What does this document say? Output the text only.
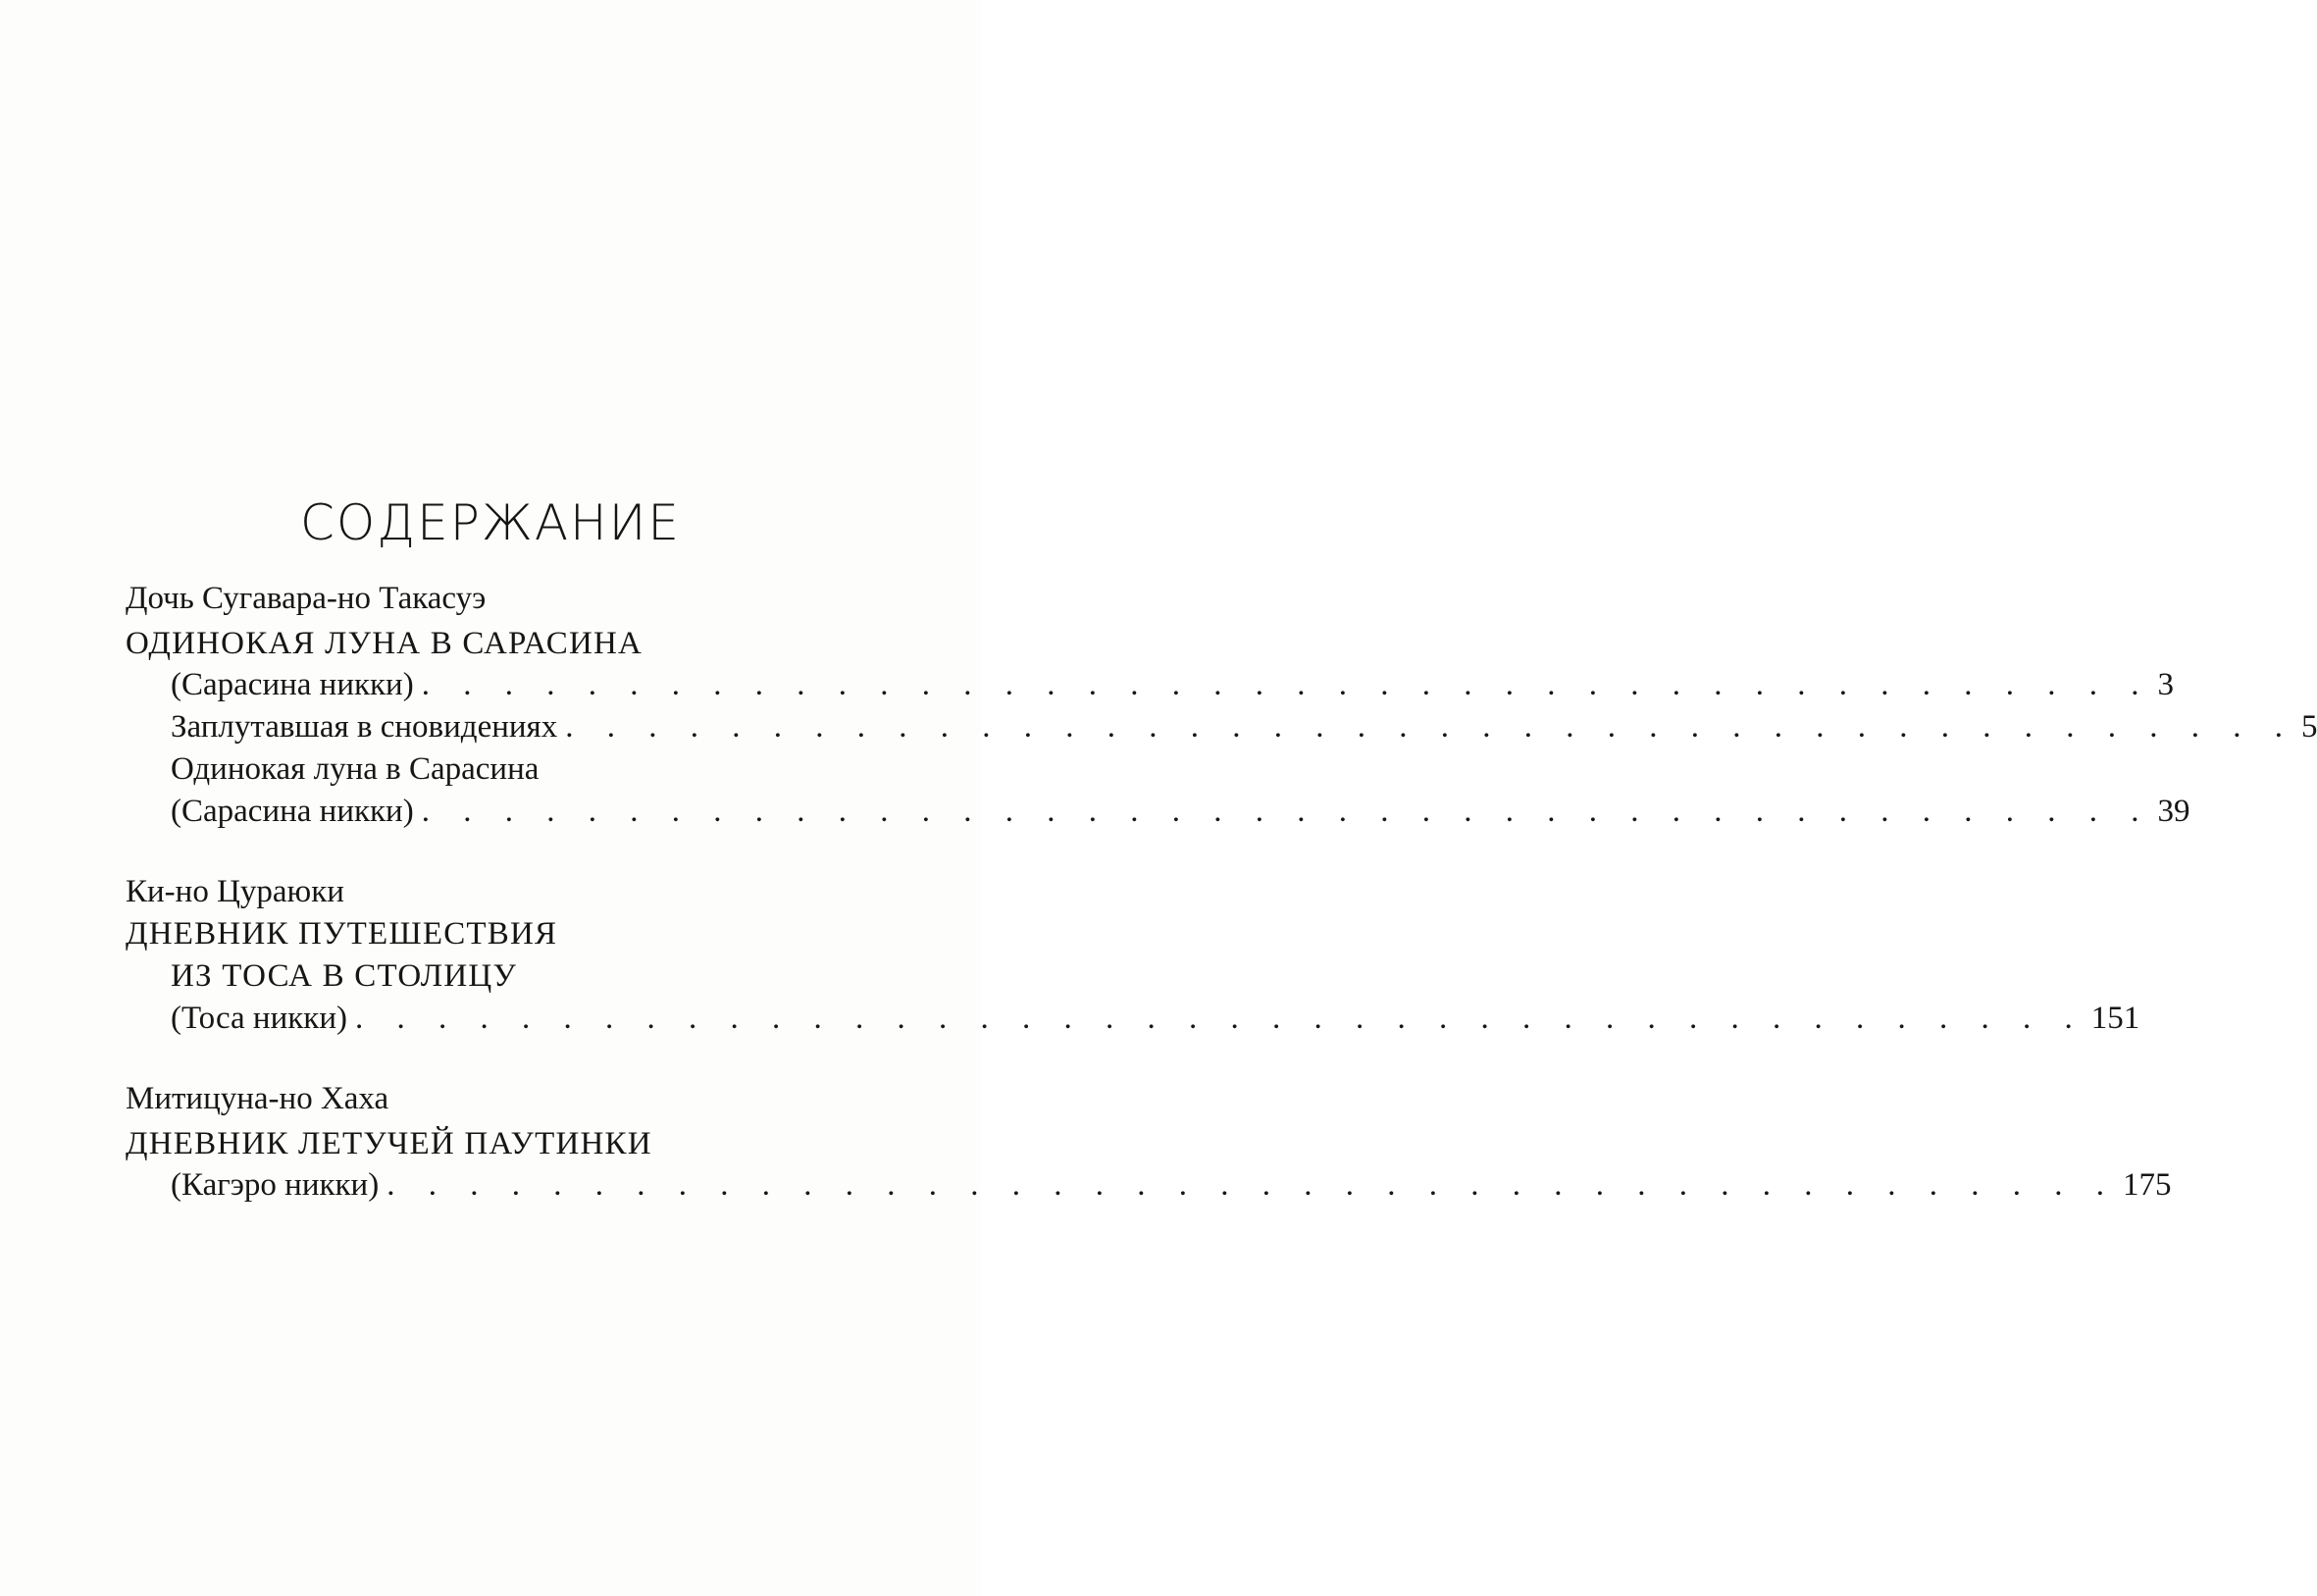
СОДЕРЖАНИЕ
Дочь Сугавара-но Такасуэ
ОДИНОКАЯ ЛУНА В САРАСИНА
(Сарасина никки) . . . . . . . . . . . . . . . . . . . . . . . . . . . . . . . . . . . . . . . . . . 3
Заплутавшая в сновидениях . . . . . . . . . . . . . . . . . . . . . . . . . . . . . . . . . . . . . . . . . . 5
Одинокая луна в Сарасина
(Сарасина никки) . . . . . . . . . . . . . . . . . . . . . . . . . . . . . . . . . . . . . . . . . . 39
Ки-но Цураюки
ДНЕВНИК ПУТЕШЕСТВИЯ
ИЗ ТОСА В СТОЛИЦУ
(Тоса никки) . . . . . . . . . . . . . . . . . . . . . . . . . . . . . . . . . . . . . . . . . . 151
Митицуна-но Хаха
ДНЕВНИК ЛЕТУЧЕЙ ПАУТИНКИ
(Кагэро никки) . . . . . . . . . . . . . . . . . . . . . . . . . . . . . . . . . . . . . . . . . . 175
